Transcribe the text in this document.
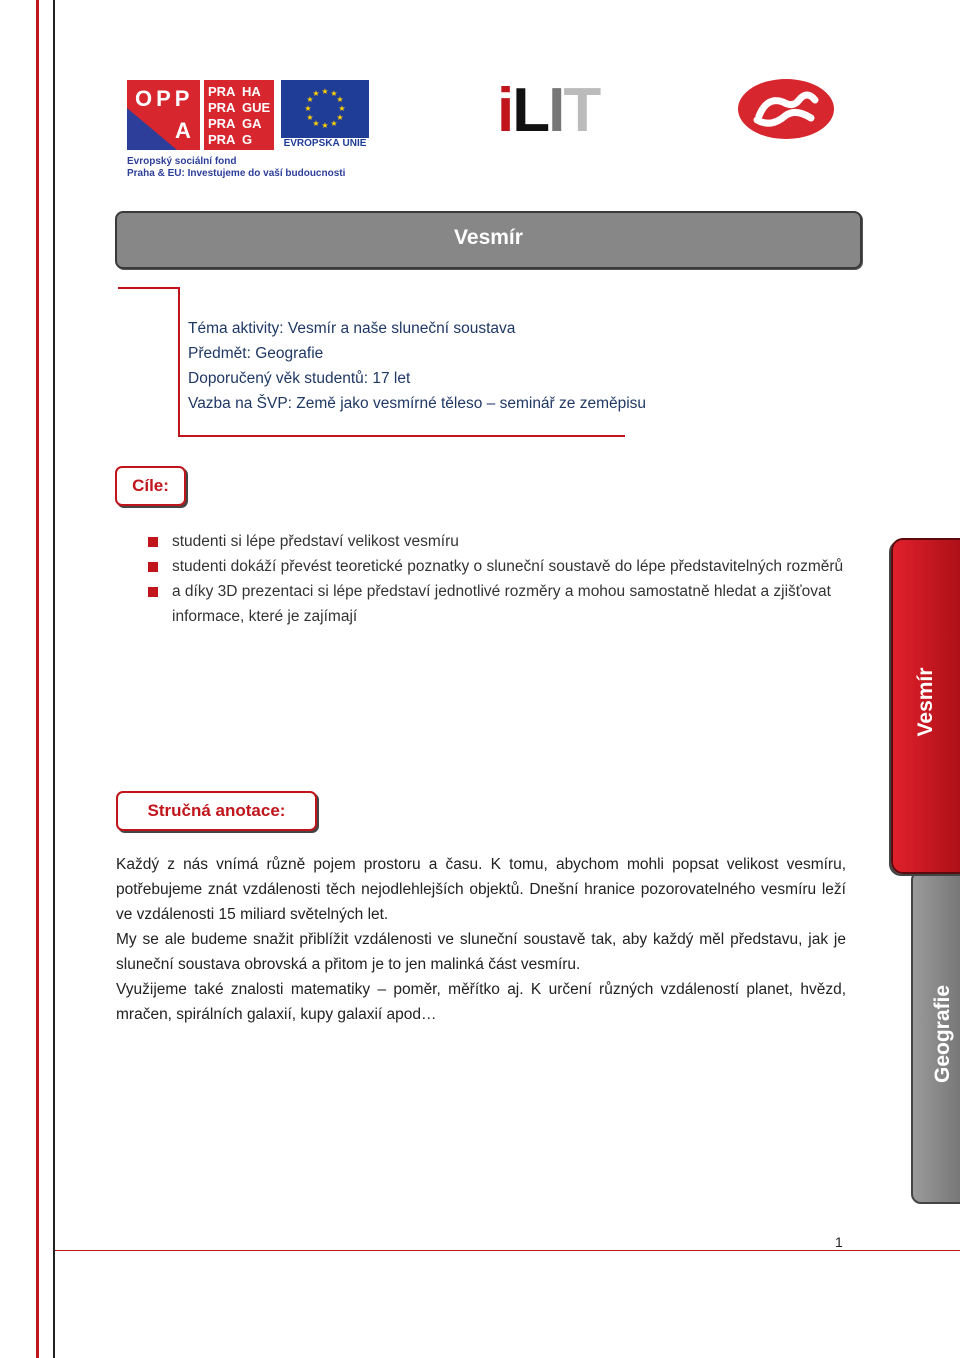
OPP
A
PRA HA
PRA GUE
PRA GA
PRA G
★ ★
★
★
★
★
★
★
★
★
★
★
EVROPSKÁ UNIE
Evropský sociální fond
Praha & EU: Investujeme do vaší budoucnosti
iLIT
Vesmír
Téma aktivity: Vesmír a naše sluneční soustava
Předmět: Geografie
Doporučený věk studentů: 17 let
Vazba na ŠVP: Země jako vesmírné těleso – seminář ze zeměpisu
Cíle:
studenti si lépe představí velikost vesmíru
studenti dokáží převést teoretické poznatky o sluneční soustavě do lépe představitelných rozměrů
a díky 3D prezentaci si lépe představí jednotlivé rozměry a mohou samostatně hledat a zjišťovat informace, které je zajímají
Stručná anotace:

Každý z nás vnímá různě pojem prostoru a času. K tomu, abychom mohli popsat velikost vesmíru, potřebujeme znát vzdálenosti těch nejodlehlejších objektů. Dnešní hranice pozorovatelného vesmíru leží ve vzdálenosti 15 miliard světelných let.

My se ale budeme snažit přiblížit vzdálenosti ve sluneční soustavě tak, aby každý měl představu, jak je sluneční soustava obrovská a přitom je to jen malinká část vesmíru.

Využijeme také znalosti matematiky – poměr, měřítko aj. K určení různých vzdáleností planet, hvězd, mračen, spirálních galaxií, kupy galaxií apod…	Geografie
Vesmír
1
